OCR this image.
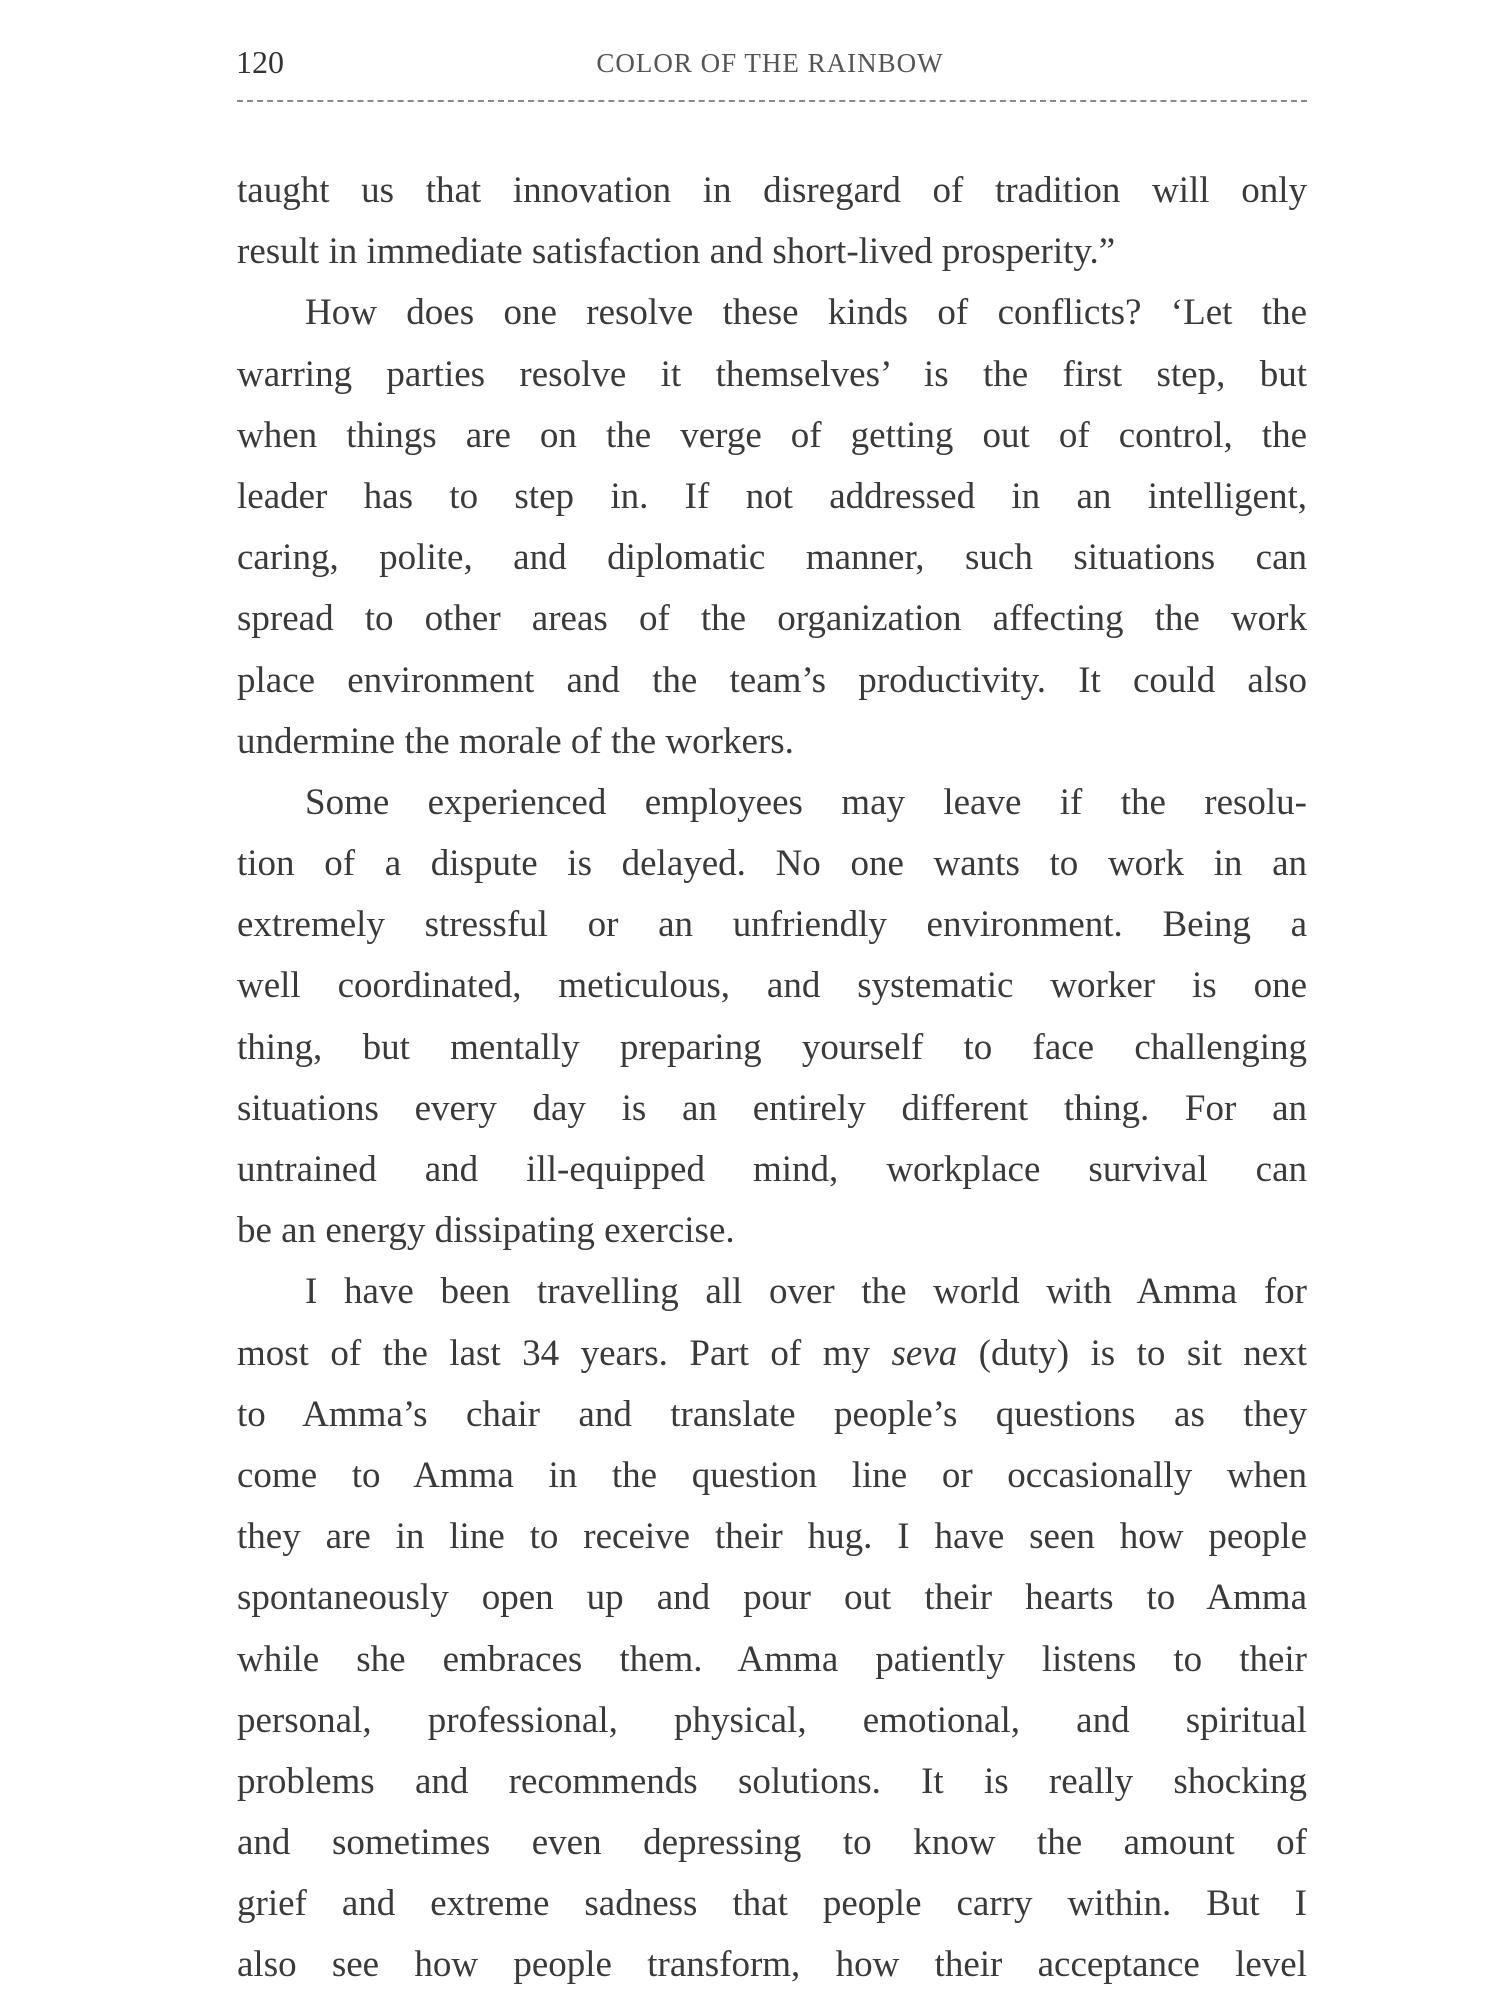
120	COLOR OF THE RAINBOW
taught us that innovation in disregard of tradition will only
result in immediate satisfaction and short-lived prosperity.”
How does one resolve these kinds of conflicts? ‘Let the
warring parties resolve it themselves’ is the first step, but
when things are on the verge of getting out of control, the
leader has to step in. If not addressed in an intelligent,
caring, polite, and diplomatic manner, such situations can
spread to other areas of the organization affecting the work
place environment and the team’s productivity. It could also
undermine the morale of the workers.
Some experienced employees may leave if the resolu-
tion of a dispute is delayed. No one wants to work in an
extremely stressful or an unfriendly environment. Being a
well coordinated, meticulous, and systematic worker is one
thing, but mentally preparing yourself to face challenging
situations every day is an entirely different thing. For an
untrained and ill-equipped mind, workplace survival can
be an energy dissipating exercise.
I have been travelling all over the world with Amma for
most of the last 34 years. Part of my seva (duty) is to sit next
to Amma’s chair and translate people’s questions as they
come to Amma in the question line or occasionally when
they are in line to receive their hug. I have seen how people
spontaneously open up and pour out their hearts to Amma
while she embraces them. Amma patiently listens to their
personal, professional, physical, emotional, and spiritual
problems and recommends solutions. It is really shocking
and sometimes even depressing to know the amount of
grief and extreme sadness that people carry within. But I
also see how people transform, how their acceptance level
